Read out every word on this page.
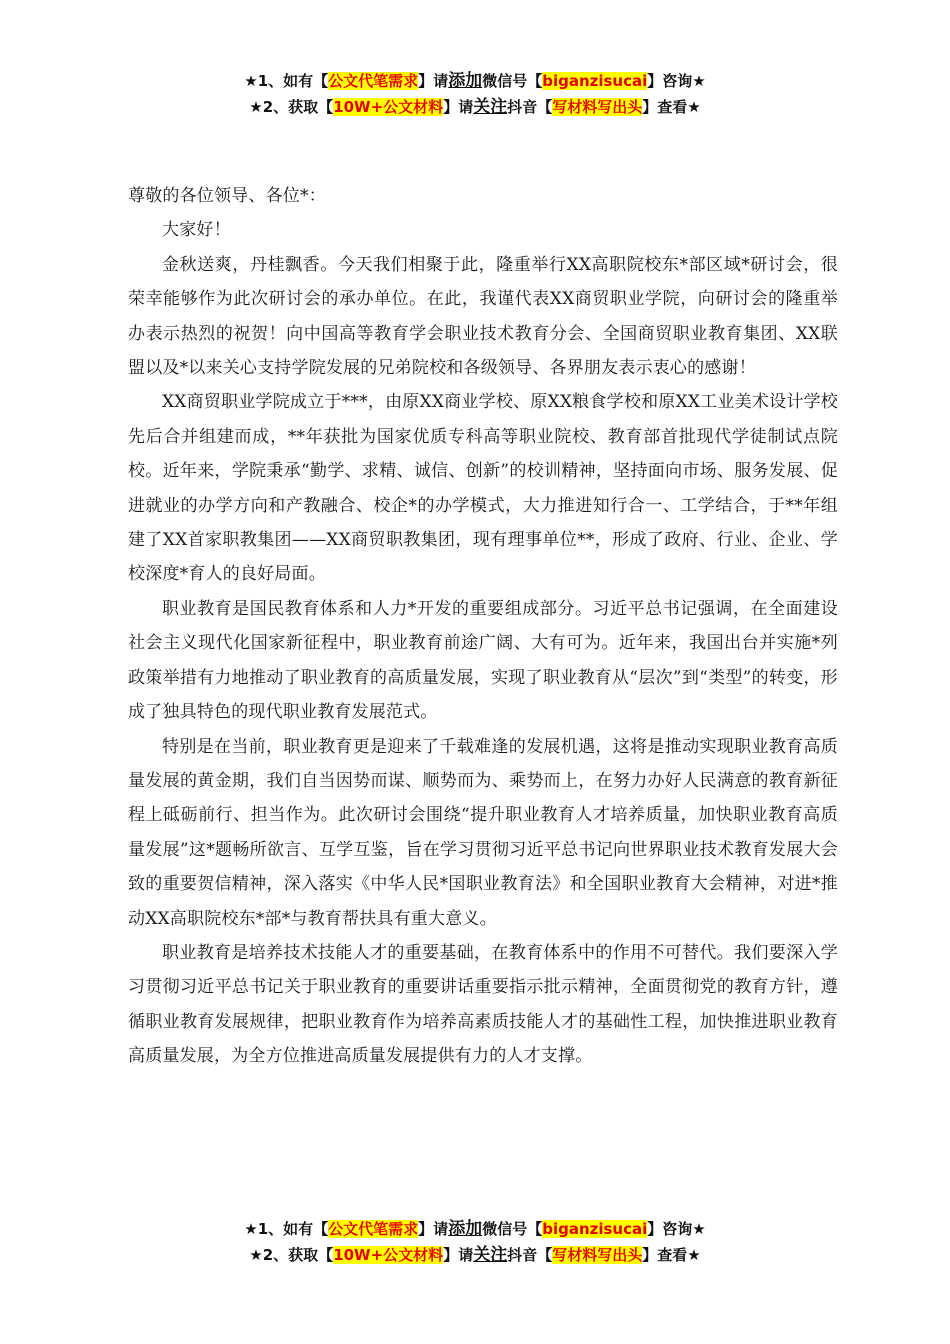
★1、如有【公文代笔需求】请添加微信号【biganzisucai】咨询★
★2、获取【10W+公文材料】请关注抖音【写材料写出头】查看★

尊敬的各位领导、各位*：

大家好！

金秋送爽，丹桂飘香。今天我们相聚于此，隆重举行XX高职院校东*部区域*研讨会，很荣幸能够作为此次研讨会的承办单位。在此，我谨代表XX商贸职业学院，向研讨会的隆重举办表示热烈的祝贺！向中国高等教育学会职业技术教育分会、全国商贸职业教育集团、XX联盟以及*以来关心支持学院发展的兄弟院校和各级领导、各界朋友表示衷心的感谢！

XX商贸职业学院成立于***，由原XX商业学校、原XX粮食学校和原XX工业美术设计学校先后合并组建而成，**年获批为国家优质专科高等职业院校、教育部首批现代学徒制试点院校。近年来，学院秉承“勤学、求精、诚信、创新”的校训精神，坚持面向市场、服务发展、促进就业的办学方向和产教融合、校企*的办学模式，大力推进知行合一、工学结合，于**年组建了XX首家职教集团——XX商贸职教集团，现有理事单位**，形成了政府、行业、企业、学校深度*育人的良好局面。

职业教育是国民教育体系和人力*开发的重要组成部分。习近平总书记强调，在全面建设社会主义现代化国家新征程中，职业教育前途广阔、大有可为。近年来，我国出台并实施*列政策举措有力地推动了职业教育的高质量发展，实现了职业教育从“层次”到“类型”的转变，形成了独具特色的现代职业教育发展范式。

特别是在当前，职业教育更是迎来了千载难逢的发展机遇，这将是推动实现职业教育高质量发展的黄金期，我们自当因势而谋、顺势而为、乘势而上，在努力办好人民满意的教育新征程上砥砺前行、担当作为。此次研讨会围绕“提升职业教育人才培养质量，加快职业教育高质量发展”这*题畅所欲言、互学互鉴，旨在学习贯彻习近平总书记向世界职业技术教育发展大会致的重要贺信精神，深入落实《中华人民*国职业教育法》和全国职业教育大会精神，对进*推动XX高职院校东*部*与教育帮扶具有重大意义。

职业教育是培养技术技能人才的重要基础，在教育体系中的作用不可替代。我们要深入学习贯彻习近平总书记关于职业教育的重要讲话重要指示批示精神，全面贯彻党的教育方针，遵循职业教育发展规律，把职业教育作为培养高素质技能人才的基础性工程，加快推进职业教育高质量发展，为全方位推进高质量发展提供有力的人才支撑。

★1、如有【公文代笔需求】请添加微信号【biganzisucai】咨询★
★2、获取【10W+公文材料】请关注抖音【写材料写出头】查看★
